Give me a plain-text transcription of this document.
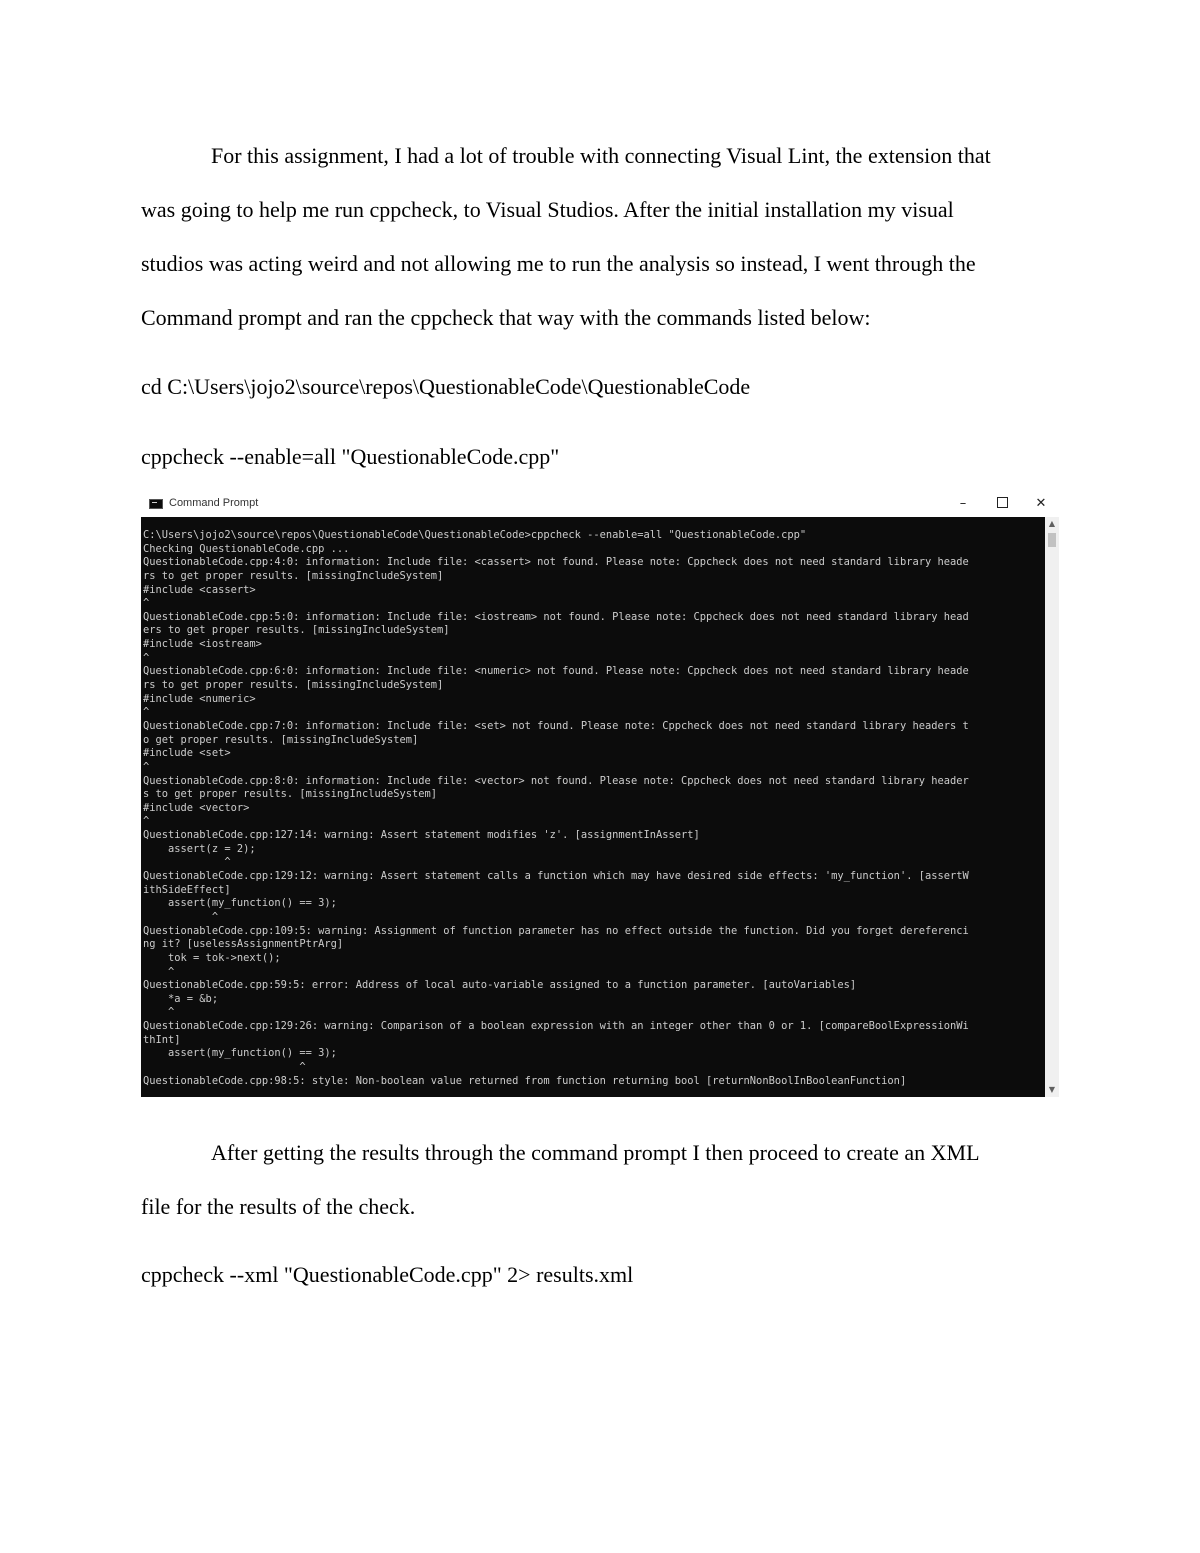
For this assignment, I had a lot of trouble with connecting Visual Lint, the extension that
was going to help me run cppcheck, to Visual Studios. After the initial installation my visual
studios was acting weird and not allowing me to run the analysis so instead, I went through the
Command prompt and ran the cppcheck that way with the commands listed below:

cd C:\Users\jojo2\source\repos\QuestionableCode\QuestionableCode

cppcheck --enable=all "QuestionableCode.cpp"

Command Prompt	–	✕
C:\Users\jojo2\source\repos\QuestionableCode\QuestionableCode>cppcheck --enable=all "QuestionableCode.cpp"
Checking QuestionableCode.cpp ...
QuestionableCode.cpp:4:0: information: Include file: <cassert> not found. Please note: Cppcheck does not need standard library heade
rs to get proper results. [missingIncludeSystem]
#include <cassert>
^
QuestionableCode.cpp:5:0: information: Include file: <iostream> not found. Please note: Cppcheck does not need standard library head
ers to get proper results. [missingIncludeSystem]
#include <iostream>
^
QuestionableCode.cpp:6:0: information: Include file: <numeric> not found. Please note: Cppcheck does not need standard library heade
rs to get proper results. [missingIncludeSystem]
#include <numeric>
^
QuestionableCode.cpp:7:0: information: Include file: <set> not found. Please note: Cppcheck does not need standard library headers t
o get proper results. [missingIncludeSystem]
#include <set>
^
QuestionableCode.cpp:8:0: information: Include file: <vector> not found. Please note: Cppcheck does not need standard library header
s to get proper results. [missingIncludeSystem]
#include <vector>
^
QuestionableCode.cpp:127:14: warning: Assert statement modifies 'z'. [assignmentInAssert]
assert(z = 2);
^
QuestionableCode.cpp:129:12: warning: Assert statement calls a function which may have desired side effects: 'my_function'. [assertW
ithSideEffect]
assert(my_function() == 3);
^
QuestionableCode.cpp:109:5: warning: Assignment of function parameter has no effect outside the function. Did you forget dereferenci
ng it? [uselessAssignmentPtrArg]
tok = tok->next();
^
QuestionableCode.cpp:59:5: error: Address of local auto-variable assigned to a function parameter. [autoVariables]
*a = &b;
^
QuestionableCode.cpp:129:26: warning: Comparison of a boolean expression with an integer other than 0 or 1. [compareBoolExpressionWi
thInt]
assert(my_function() == 3);
^
QuestionableCode.cpp:98:5: style: Non-boolean value returned from function returning bool [returnNonBoolInBooleanFunction]
▲
▼

After getting the results through the command prompt I then proceed to create an XML
file for the results of the check.

cppcheck --xml "QuestionableCode.cpp" 2> results.xml
